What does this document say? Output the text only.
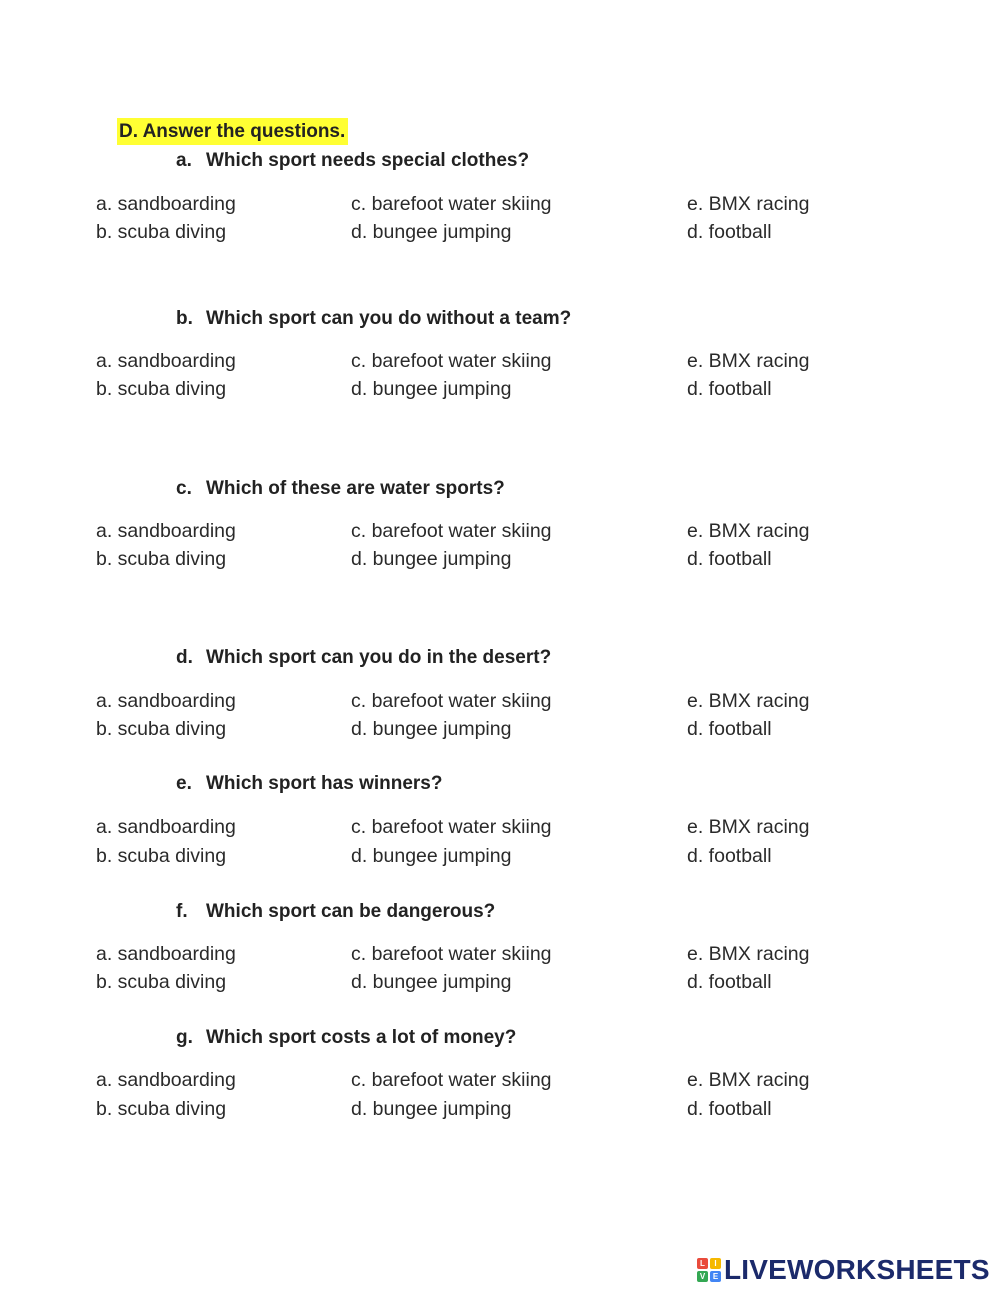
D. Answer the questions.
a. Which sport needs special clothes?
a. sandboarding	c. barefoot water skiing	e. BMX racing
b. scuba diving	d. bungee jumping	d. football
b. Which sport can you do without a team?
a. sandboarding	c. barefoot water skiing	e. BMX racing
b. scuba diving	d. bungee jumping	d. football
c. Which of these are water sports?
a. sandboarding	c. barefoot water skiing	e. BMX racing
b. scuba diving	d. bungee jumping	d. football
d. Which sport can you do in the desert?
a. sandboarding	c. barefoot water skiing	e. BMX racing
b. scuba diving	d. bungee jumping	d. football
e. Which sport has winners?
a. sandboarding	c. barefoot water skiing	e. BMX racing
b. scuba diving	d. bungee jumping	d. football
f. Which sport can be dangerous?
a. sandboarding	c. barefoot water skiing	e. BMX racing
b. scuba diving	d. bungee jumping	d. football
g. Which sport costs a lot of money?
a. sandboarding	c. barefoot water skiing	e. BMX racing
b. scuba diving	d. bungee jumping	d. football
L	I
V E LIVEWORKSHEETS
